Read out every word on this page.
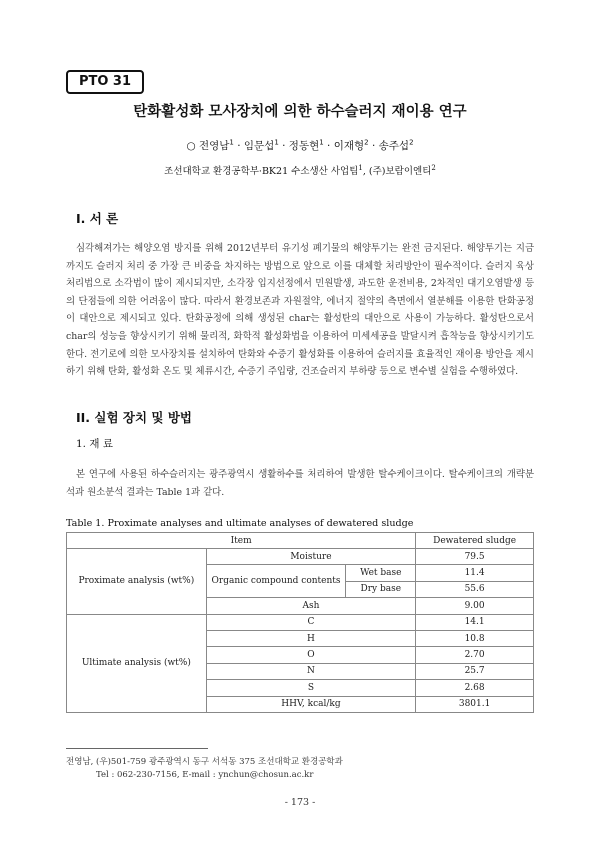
PTO 31
탄화활성화 모사장치에 의한 하수슬러지 재이용 연구
○ 전영남$^1$ · 임문섭$^1$ · 정동현$^1$ · 이재형$^2$ · 송주섭$^2$
조선대학교 환경공학부·BK21 수소생산 사업팀$^1$, (주)보람이엔티$^2$
I. 서 론

심각해져가는 해양오염 방지를 위해 2012년부터 유기성 폐기물의 해양투기는 완전 금지된다. 해양투기는 지금까지도 슬러지 처리 중 가장 큰 비중을 차지하는 방법으로 앞으로 이를 대체할 처리방안이 필수적이다. 슬러지 육상처리법으로 소각법이 많이 제시되지만, 소각장 입지선정에서 민원발생, 과도한 운전비용, 2차적인 대기오염발생 등의 단점들에 의한 어려움이 많다. 따라서 환경보존과 자원절약, 에너지 절약의 측면에서 열분해를 이용한 탄화공정이 대안으로 제시되고 있다. 탄화공정에 의해 생성된 char는 활성탄의 대안으로 사용이 가능하다. 활성탄으로서 char의 성능을 향상시키기 위해 물리적, 화학적 활성화법을 이용하여 미세세공을 발달시켜 흡착능을 향상시키기도 한다. 전기로에 의한 모사장치를 설치하여 탄화와 수증기 활성화를 이용하여 슬러지를 효율적인 재이용 방안을 제시하기 위해 탄화, 활성화 온도 및 체류시간, 수증기 주입량, 건조슬러지 부하량 등으로 변수별 실험을 수행하였다.

II. 실험 장치 및 방법
1. 재 료

본 연구에 사용된 하수슬러지는 광주광역시 생활하수를 처리하여 발생한 탈수케이크이다. 탈수케이크의 개략분석과 원소분석 결과는 Table 1과 같다.

Table 1. Proximate analyses and ultimate analyses of dewatered sludge
Item			Dewatered sludge
Proximate analysis (wt%)	Moisture		79.5
	Organic compound contents	Wet base	11.4
		Dry base	55.6
	Ash		9.00
Ultimate analysis (wt%)	C		14.1
	H		10.8
	O		2.70
	N		25.7
	S		2.68
	HHV, kcal/kg		3801.1
전영남, (우)501-759 광주광역시 동구 서석동 375 조선대학교 환경공학과
Tel : 062-230-7156, E-mail : ynchun@chosun.ac.kr
- 173 -
